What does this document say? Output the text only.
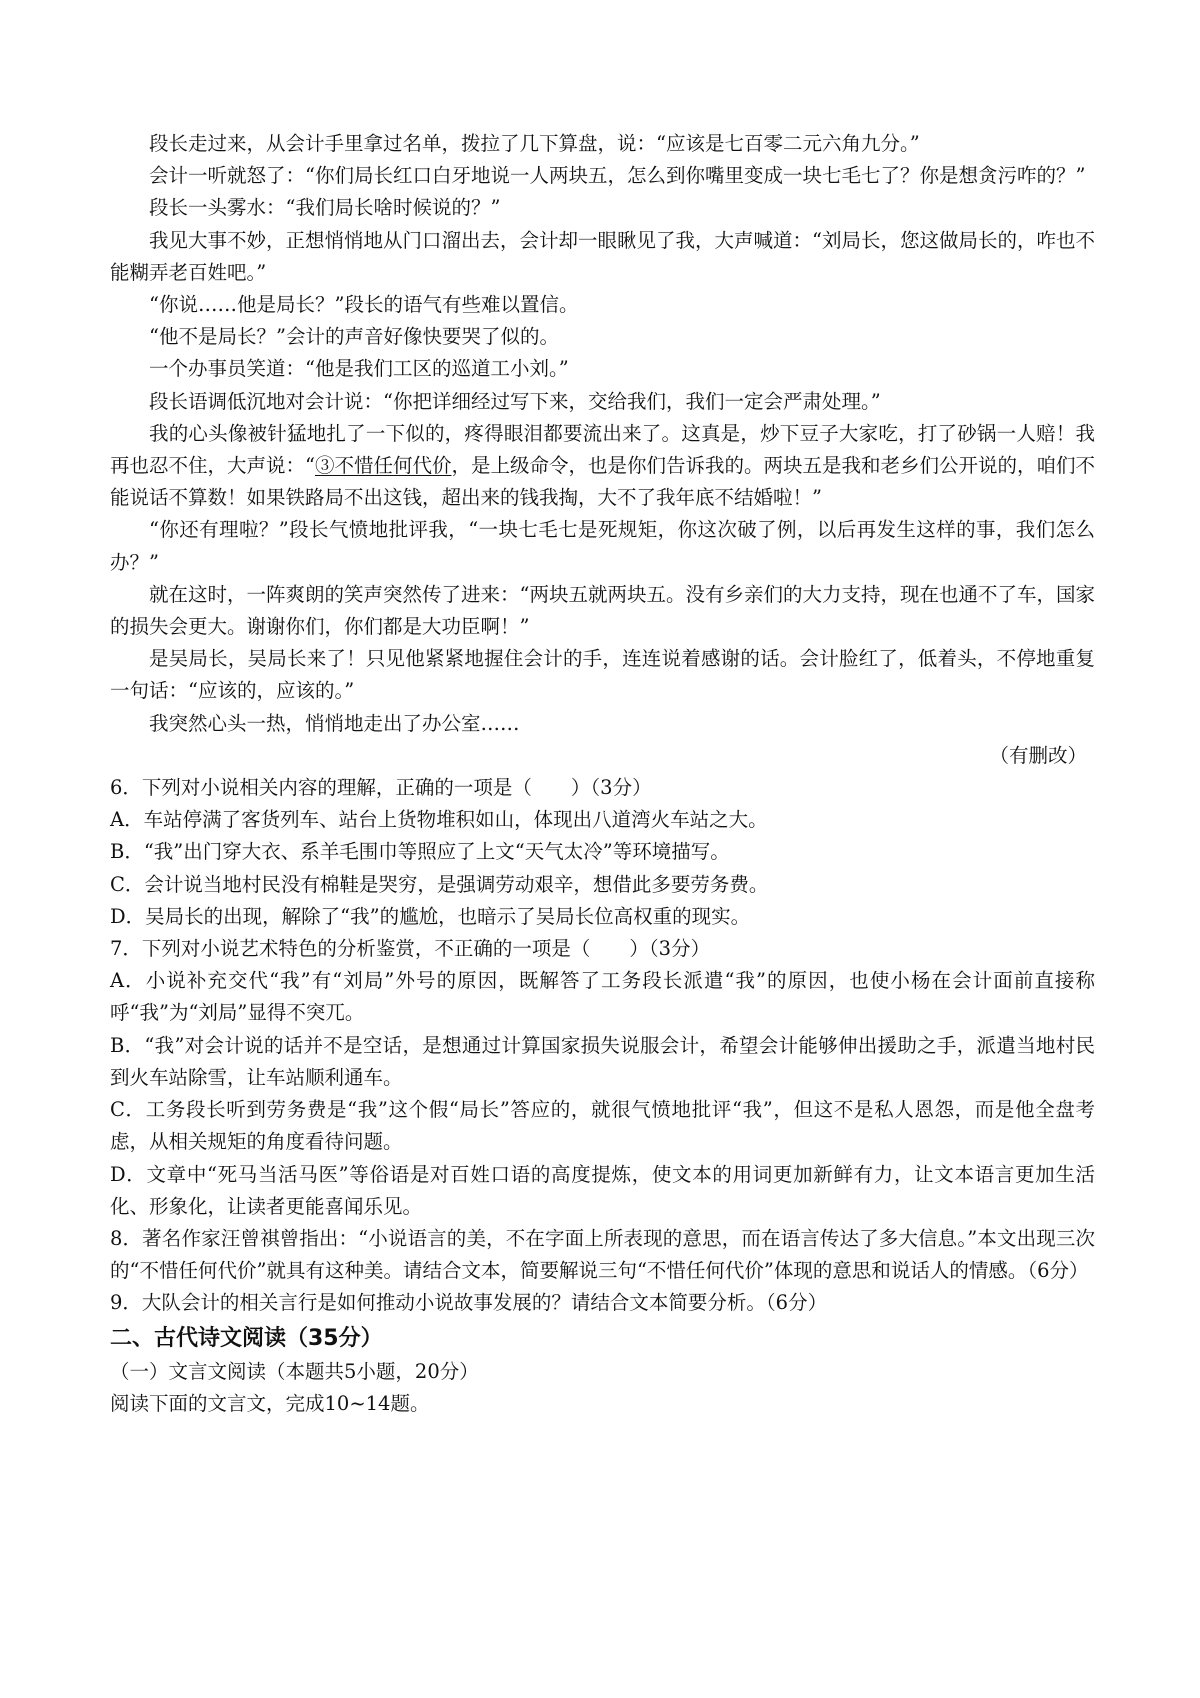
段长走过来，从会计手里拿过名单，拨拉了几下算盘，说：“应该是七百零二元六角九分。”

会计一听就怒了：“你们局长红口白牙地说一人两块五，怎么到你嘴里变成一块七毛七了？你是想贪污咋的？”

段长一头雾水：“我们局长啥时候说的？”

我见大事不妙，正想悄悄地从门口溜出去，会计却一眼瞅见了我，大声喊道：“刘局长，您这做局长的，咋也不能糊弄老百姓吧。”

“你说……他是局长？”段长的语气有些难以置信。

“他不是局长？”会计的声音好像快要哭了似的。

一个办事员笑道：“他是我们工区的巡道工小刘。”

段长语调低沉地对会计说：“你把详细经过写下来，交给我们，我们一定会严肃处理。”

我的心头像被针猛地扎了一下似的，疼得眼泪都要流出来了。这真是，炒下豆子大家吃，打了砂锅一人赔！我再也忍不住，大声说：“③不惜任何代价，是上级命令，也是你们告诉我的。两块五是我和老乡们公开说的，咱们不能说话不算数！如果铁路局不出这钱，超出来的钱我掏，大不了我年底不结婚啦！”

“你还有理啦？”段长气愤地批评我，“一块七毛七是死规矩，你这次破了例，以后再发生这样的事，我们怎么办？”

就在这时，一阵爽朗的笑声突然传了进来：“两块五就两块五。没有乡亲们的大力支持，现在也通不了车，国家的损失会更大。谢谢你们，你们都是大功臣啊！”

是吴局长，吴局长来了！只见他紧紧地握住会计的手，连连说着感谢的话。会计脸红了，低着头，不停地重复一句话：“应该的，应该的。”

我突然心头一热，悄悄地走出了办公室……

（有删改）

6．下列对小说相关内容的理解，正确的一项是（　　）（3分）

A．车站停满了客货列车、站台上货物堆积如山，体现出八道湾火车站之大。

B．“我”出门穿大衣、系羊毛围巾等照应了上文“天气太冷”等环境描写。

C．会计说当地村民没有棉鞋是哭穷，是强调劳动艰辛，想借此多要劳务费。

D．吴局长的出现，解除了“我”的尴尬，也暗示了吴局长位高权重的现实。

7．下列对小说艺术特色的分析鉴赏，不正确的一项是（　　）（3分）

A．小说补充交代“我”有“刘局”外号的原因，既解答了工务段长派遣“我”的原因，也使小杨在会计面前直接称呼“我”为“刘局”显得不突兀。

B．“我”对会计说的话并不是空话，是想通过计算国家损失说服会计，希望会计能够伸出援助之手，派遣当地村民到火车站除雪，让车站顺利通车。

C．工务段长听到劳务费是“我”这个假“局长”答应的，就很气愤地批评“我”，但这不是私人恩怨，而是他全盘考虑，从相关规矩的角度看待问题。

D．文章中“死马当活马医”等俗语是对百姓口语的高度提炼，使文本的用词更加新鲜有力，让文本语言更加生活化、形象化，让读者更能喜闻乐见。

8．著名作家汪曾祺曾指出：“小说语言的美，不在字面上所表现的意思，而在语言传达了多大信息。”本文出现三次的“不惜任何代价”就具有这种美。请结合文本，简要解说三句“不惜任何代价”体现的意思和说话人的情感。（6分）

9．大队会计的相关言行是如何推动小说故事发展的？请结合文本简要分析。（6分）

二、古代诗文阅读（35分）

（一）文言文阅读（本题共5小题，20分）

阅读下面的文言文，完成10~14题。
